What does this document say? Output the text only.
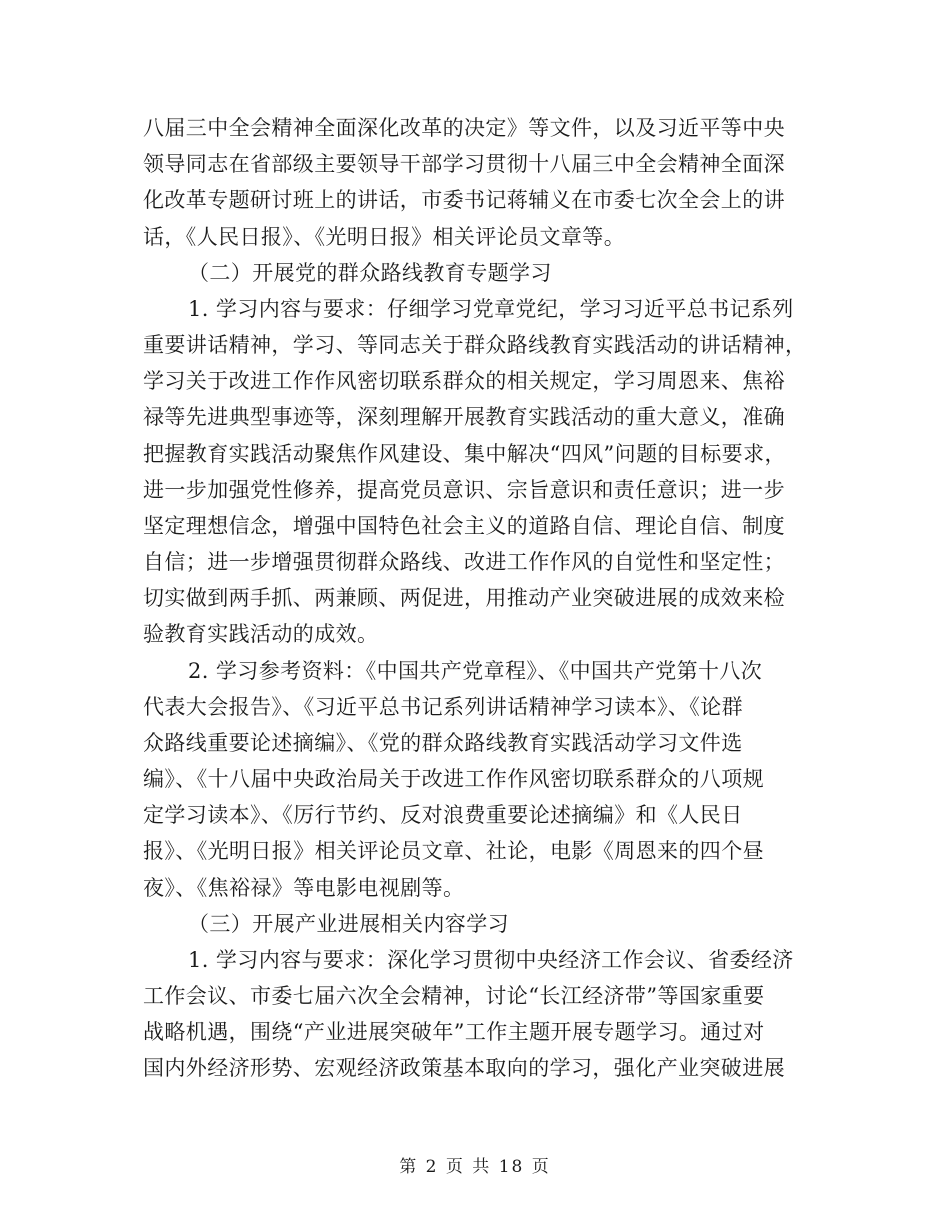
八届三中全会精神全面深化改革的决定》等文件，以及习近平等中央
领导同志在省部级主要领导干部学习贯彻十八届三中全会精神全面深
化改革专题研讨班上的讲话，市委书记蒋辅义在市委七次全会上的讲
话，《人民日报》、《光明日报》相关评论员文章等。
（二）开展党的群众路线教育专题学习
1. 学习内容与要求：仔细学习党章党纪，学习习近平总书记系列
重要讲话精神，学习、等同志关于群众路线教育实践活动的讲话精神，
学习关于改进工作作风密切联系群众的相关规定，学习周恩来、焦裕
禄等先进典型事迹等，深刻理解开展教育实践活动的重大意义，准确
把握教育实践活动聚焦作风建设、集中解决“四风”问题的目标要求，
进一步加强党性修养，提高党员意识、宗旨意识和责任意识；进一步
坚定理想信念，增强中国特色社会主义的道路自信、理论自信、制度
自信；进一步增强贯彻群众路线、改进工作作风的自觉性和坚定性；
切实做到两手抓、两兼顾、两促进，用推动产业突破进展的成效来检
验教育实践活动的成效。
2. 学习参考资料：《中国共产党章程》、《中国共产党第十八次
代表大会报告》、《习近平总书记系列讲话精神学习读本》、《论群
众路线重要论述摘编》、《党的群众路线教育实践活动学习文件选
编》、《十八届中央政治局关于改进工作作风密切联系群众的八项规
定学习读本》、《厉行节约、反对浪费重要论述摘编》和《人民日
报》、《光明日报》相关评论员文章、社论，电影《周恩来的四个昼
夜》、《焦裕禄》等电影电视剧等。
（三）开展产业进展相关内容学习
1. 学习内容与要求：深化学习贯彻中央经济工作会议、省委经济
工作会议、市委七届六次全会精神，讨论“长江经济带”等国家重要
战略机遇，围绕“产业进展突破年”工作主题开展专题学习。通过对
国内外经济形势、宏观经济政策基本取向的学习，强化产业突破进展
第 2 页 共 18 页
